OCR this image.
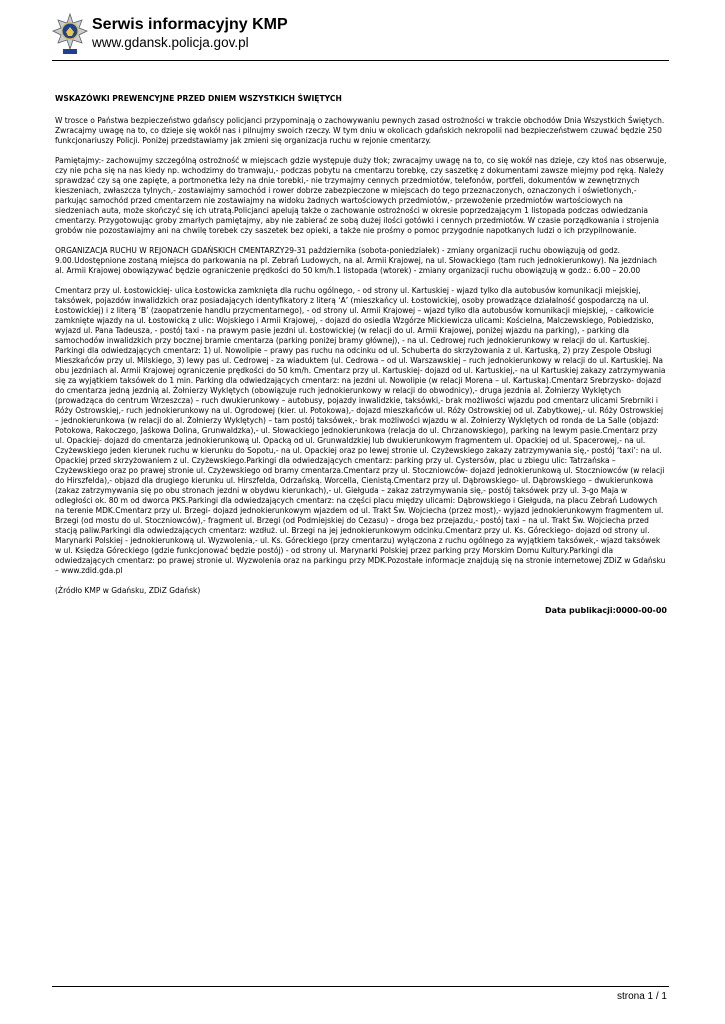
Serwis informacyjny KMP
www.gdansk.policja.gov.pl
WSKAZÓWKI PREWENCYJNE PRZED DNIEM WSZYSTKICH ŚWIĘTYCH

W trosce o Państwa bezpieczeństwo gdańscy policjanci przypominają o zachowywaniu pewnych zasad ostrożności w trakcie obchodów Dnia Wszystkich Świętych. Zwracajmy uwagę na to, co dzieje się wokół nas i pilnujmy swoich rzeczy. W tym dniu w okolicach gdańskich nekropolii nad bezpieczeństwem czuwać będzie 250 funkcjonariuszy Policji. Poniżej przedstawiamy jak zmieni się organizacja ruchu w rejonie cmentarzy.

Pamiętajmy:- zachowujmy szczególną ostrożność w miejscach gdzie występuje duży tłok; zwracajmy uwagę na to, co się wokół nas dzieje, czy ktoś nas obserwuje, czy nie pcha się na nas kiedy np. wchodzimy do tramwaju,- podczas pobytu na cmentarzu torebkę, czy saszetkę z dokumentami zawsze miejmy pod ręką. Należy sprawdzać czy są one zapięte, a portmonetka leży na dnie torebki,- nie trzymajmy cennych przedmiotów, telefonów, portfeli, dokumentów w zewnętrznych kieszeniach, zwłaszcza tylnych,- zostawiajmy samochód i rower dobrze zabezpieczone w miejscach do tego przeznaczonych, oznaczonych i oświetlonych,- parkując samochód przed cmentarzem nie zostawiajmy na widoku żadnych wartościowych przedmiotów,- przewożenie przedmiotów wartościowych na siedzeniach auta, może skończyć się ich utratą.Policjanci apelują także o zachowanie ostrożności w okresie poprzedzającym 1 listopada podczas odwiedzania cmentarzy. Przygotowując groby zmarłych pamiętajmy, aby nie zabierać ze sobą dużej ilości gotówki i cennych przedmiotów. W czasie porządkowania i strojenia grobów nie pozostawiajmy ani na chwilę torebek czy saszetek bez opieki, a także nie prośmy o pomoc przygodnie napotkanych ludzi o ich przypilnowanie.

ORGANIZACJA RUCHU W REJONACH GDAŃSKICH CMENTARZY29-31 października (sobota-poniedziałek) - zmiany organizacji ruchu obowiązują od godz. 9.00.Udostępnione zostaną miejsca do parkowania na pl. Zebrań Ludowych, na al. Armii Krajowej, na ul. Słowackiego (tam ruch jednokierunkowy). Na jezdniach al. Armii Krajowej obowiązywać będzie ograniczenie prędkości do 50 km/h.1 listopada (wtorek) - zmiany organizacji ruchu obowiązują w godz.: 6.00 – 20.00

Cmentarz przy ul. Łostowickiej- ulica Łostowicka zamknięta dla ruchu ogólnego, - od strony ul. Kartuskiej - wjazd tylko dla autobusów komunikacji miejskiej, taksówek, pojazdów inwalidzkich oraz posiadających identyfikatory z literą ‘A’ (mieszkańcy ul. Łostowickiej, osoby prowadzące działalność gospodarczą na ul. Łostowickiej) i z literą ‘B’ (zaopatrzenie handlu przycmentarnego), - od strony ul. Armii Krajowej – wjazd tylko dla autobusów komunikacji miejskiej, - całkowicie zamknięte wjazdy na ul. Łostowicką z ulic: Wojskiego i Armii Krajowej, - dojazd do osiedla Wzgórze Mickiewicza ulicami: Kościelna, Malczewskiego, Pobiedzisko, wyjazd ul. Pana Tadeusza, - postój taxi - na prawym pasie jezdni ul. Łostowickiej (w relacji do ul. Armii Krajowej, poniżej wjazdu na parking), - parking dla samochodów inwalidzkich przy bocznej bramie cmentarza (parking poniżej bramy głównej), - na ul. Cedrowej ruch jednokierunkowy w relacji do ul. Kartuskiej. Parkingi dla odwiedzających cmentarz: 1) ul. Nowolipie – prawy pas ruchu na odcinku od ul. Schuberta do skrzyżowania z ul. Kartuską, 2) przy Zespole Obsługi Mieszkańców przy ul. Milskiego, 3) lewy pas ul. Cedrowej - za wiaduktem (ul. Cedrowa – od ul. Warszawskiej – ruch jednokierunkowy w relacji do ul. Kartuskiej. Na obu jezdniach al. Armii Krajowej ograniczenie prędkości do 50 km/h. Cmentarz przy ul. Kartuskiej- dojazd od ul. Kartuskiej,- na ul Kartuskiej zakazy zatrzymywania się za wyjątkiem taksówek do 1 min. Parking dla odwiedzających cmentarz: na jezdni ul. Nowolipie (w relacji Morena – ul. Kartuska).Cmentarz Srebrzysko- dojazd do cmentarza jedną jezdnią al. Żołnierzy Wyklętych (obowiązuje ruch jednokierunkowy w relacji do obwodnicy),- druga jezdnia al. Żołnierzy Wyklętych (prowadząca do centrum Wrzeszcza) – ruch dwukierunkowy – autobusy, pojazdy inwalidzkie, taksówki,- brak możliwości wjazdu pod cmentarz ulicami Srebrniki i Róży Ostrowskiej,- ruch jednokierunkowy na ul. Ogrodowej (kier. ul. Potokowa),- dojazd mieszkańców ul. Róży Ostrowskiej od ul. Zabytkowej,- ul. Róży Ostrowskiej – jednokierunkowa (w relacji do al. Żołnierzy Wyklętych) – tam postój taksówek,- brak możliwości wjazdu w al. Żołnierzy Wyklętych od ronda de La Salle (objazd: Potokowa, Rakoczego, Jaśkowa Dolina, Grunwaldzka),- ul. Słowackiego jednokierunkowa (relacja do ul. Chrzanowskiego), parking na lewym pasie.Cmentarz przy ul. Opackiej- dojazd do cmentarza jednokierunkową ul. Opacką od ul. Grunwaldzkiej lub dwukierunkowym fragmentem ul. Opackiej od ul. Spacerowej,- na ul. Czyżewskiego jeden kierunek ruchu w kierunku do Sopotu,- na ul. Opackiej oraz po lewej stronie ul. Czyżewskiego zakazy zatrzymywania się,- postój ‘taxi’: na ul. Opackiej przed skrzyżowaniem z ul. Czyżewskiego.Parkingi dla odwiedzających cmentarz: parking przy ul. Cystersów, plac u zbiegu ulic: Tatrzańska – Czyżewskiego oraz po prawej stronie ul. Czyżewskiego od bramy cmentarza.Cmentarz przy ul. Stoczniowców- dojazd jednokierunkową ul. Stoczniowców (w relacji do Hirszfelda),- objazd dla drugiego kierunku ul. Hirszfelda, Odrzańską. Worcella, Cienistą.Cmentarz przy ul. Dąbrowskiego- ul. Dąbrowskiego – dwukierunkowa (zakaz zatrzymywania się po obu stronach jezdni w obydwu kierunkach),- ul. Giełguda – zakaz zatrzymywania się,- postój taksówek przy ul. 3-go Maja w odległości ok. 80 m od dworca PKS.Parkingi dla odwiedzających cmentarz: na części placu między ulicami: Dąbrowskiego i Giełguda, na placu Zebrań Ludowych na terenie MDK.Cmentarz przy ul. Brzegi- dojazd jednokierunkowym wjazdem od ul. Trakt Św. Wojciecha (przez most),- wyjazd jednokierunkowym fragmentem ul. Brzegi (od mostu do ul. Stoczniowców),- fragment ul. Brzegi (od Podmiejskiej do Cezasu) – droga bez przejazdu,- postój taxi – na ul. Trakt Św. Wojciecha przed stacją paliw.Parkingi dla odwiedzających cmentarz: wzdłuż. ul. Brzegi na jej jednokierunkowym odcinku.Cmentarz przy ul. Ks. Góreckiego- dojazd od strony ul. Marynarki Polskiej - jednokierunkową ul. Wyzwolenia,- ul. Ks. Góreckiego (przy cmentarzu) wyłączona z ruchu ogólnego za wyjątkiem taksówek,- wjazd taksówek w ul. Księdza Góreckiego (gdzie funkcjonować będzie postój) - od strony ul. Marynarki Polskiej przez parking przy Morskim Domu Kultury.Parkingi dla odwiedzających cmentarz: po prawej stronie ul. Wyzwolenia oraz na parkingu przy MDK.Pozostałe informacje znajdują się na stronie internetowej ZDiZ w Gdańsku – www.zdid.gda.pl

(Źródło KMP w Gdańsku, ZDiZ Gdańsk)

Data publikacji:0000-00-00
strona 1 / 1
